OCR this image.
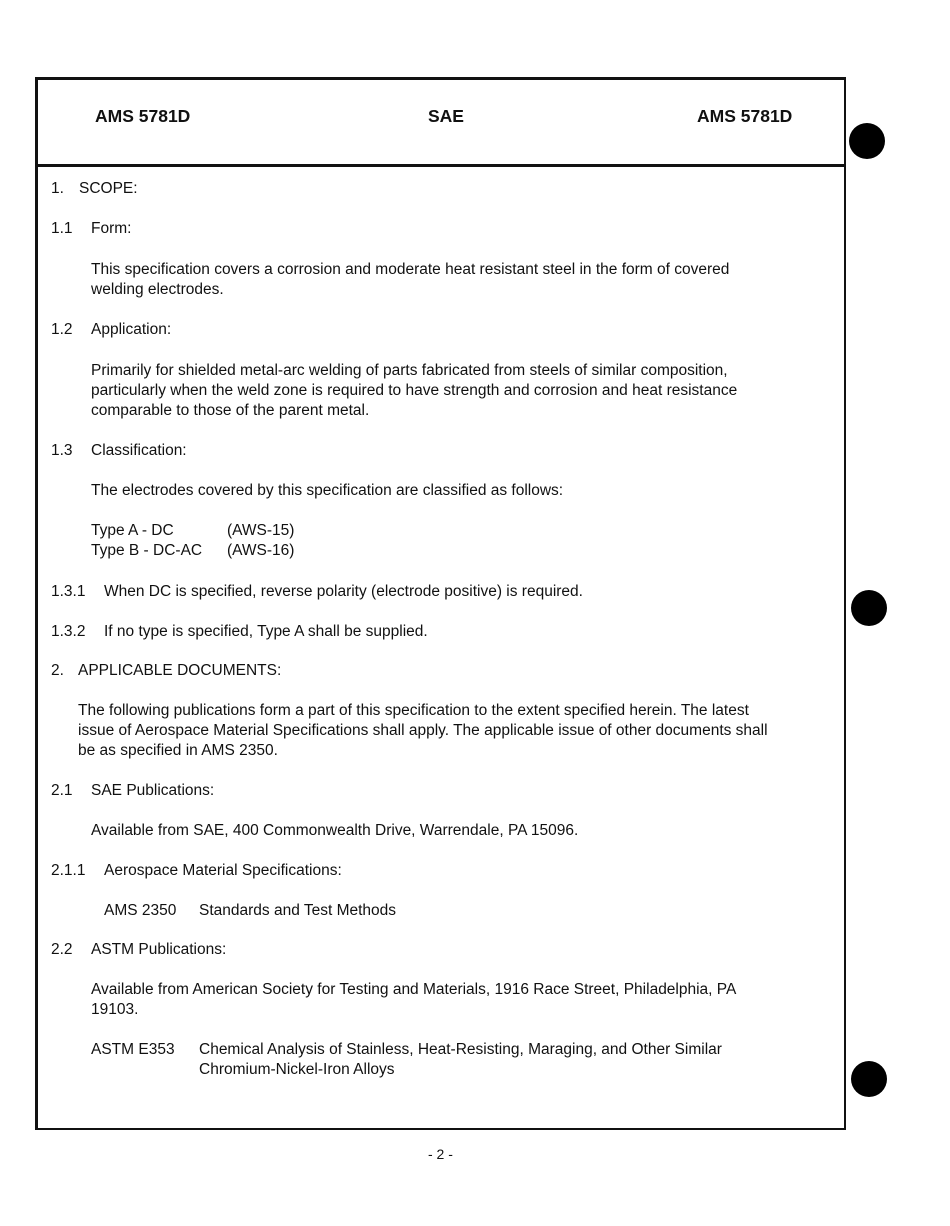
AMS 5781D	SAE	AMS 5781D
1. SCOPE:
1.1 Form:
This specification covers a corrosion and moderate heat resistant steel in the form of covered
welding electrodes.
1.2 Application:
Primarily for shielded metal-arc welding of parts fabricated from steels of similar composition,
particularly when the weld zone is required to have strength and corrosion and heat resistance
comparable to those of the parent metal.
1.3 Classification:
The electrodes covered by this specification are classified as follows:
Type A - DC	(AWS-15)
Type B - DC-AC (AWS-16)
1.3.1 When DC is specified, reverse polarity (electrode positive) is required.
1.3.2 If no type is specified, Type A shall be supplied.
2. APPLICABLE DOCUMENTS:
The following publications form a part of this specification to the extent specified herein. The latest
issue of Aerospace Material Specifications shall apply. The applicable issue of other documents shall
be as specified in AMS 2350.
2.1 SAE Publications:
Available from SAE, 400 Commonwealth Drive, Warrendale, PA 15096.
2.1.1 Aerospace Material Specifications:
AMS 2350 Standards and Test Methods
2.2 ASTM Publications:
Available from American Society for Testing and Materials, 1916 Race Street, Philadelphia, PA
19103.
ASTM E353 Chemical Analysis of Stainless, Heat-Resisting, Maraging, and Other Similar
Chromium-Nickel-Iron Alloys
- 2 -
